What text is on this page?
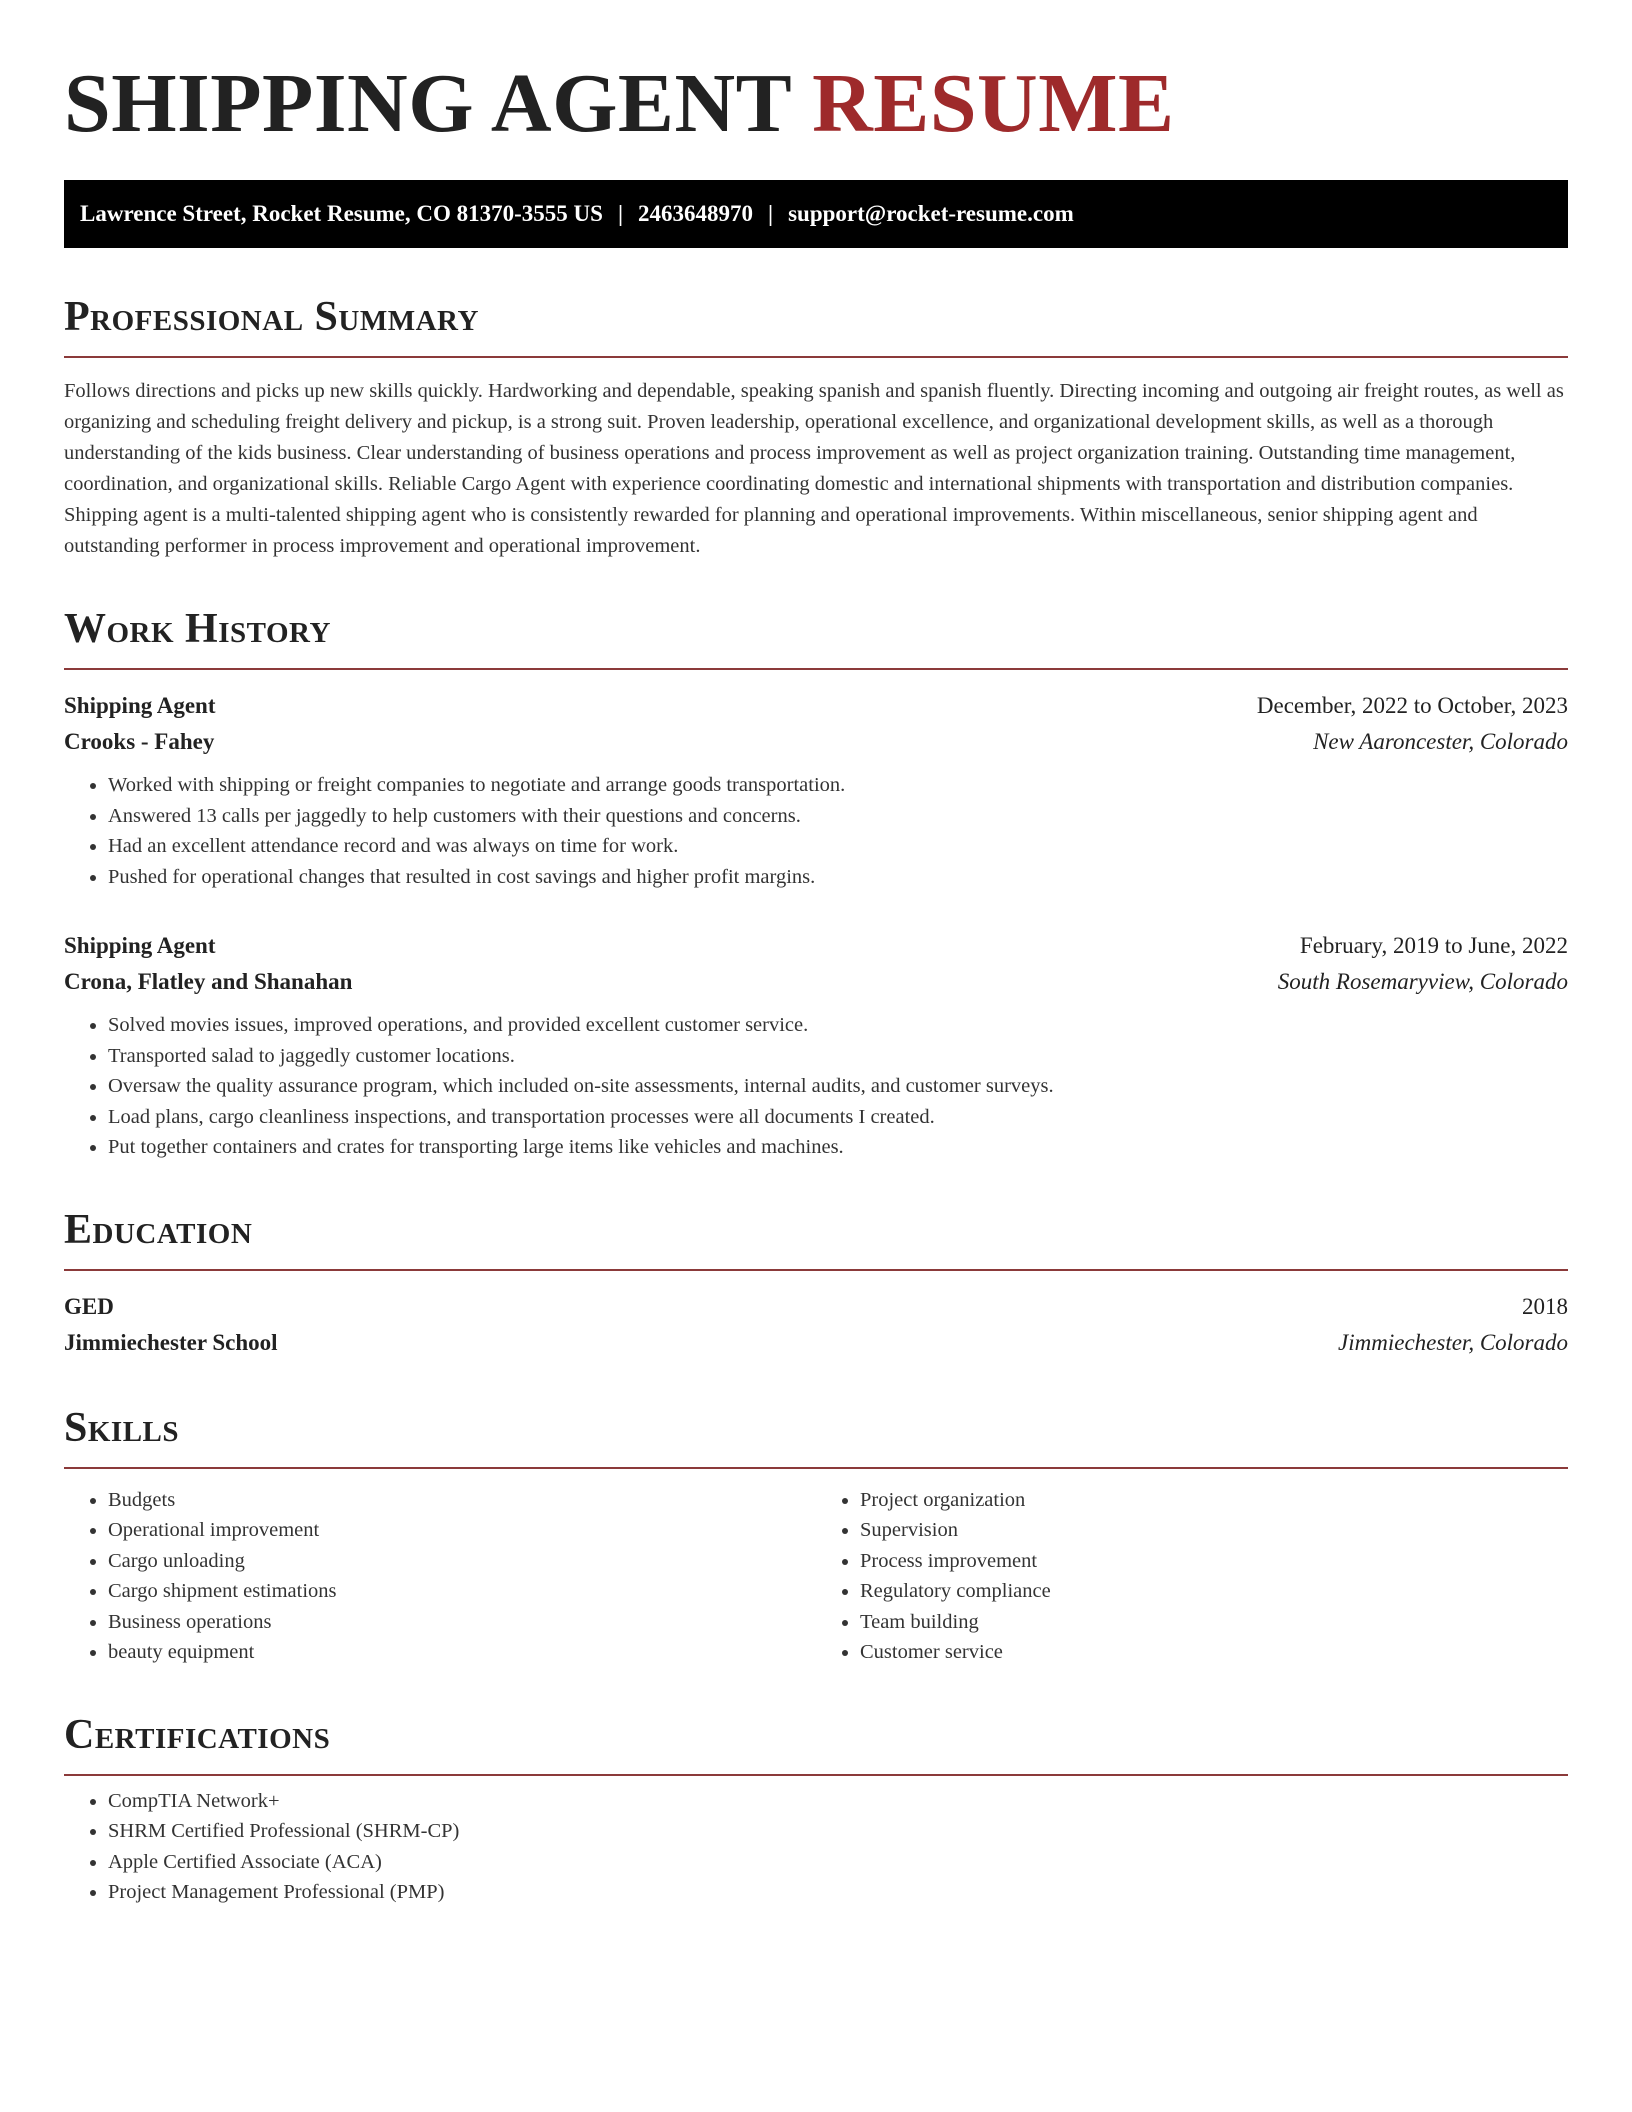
SHIPPING AGENT RESUME
Lawrence Street, Rocket Resume, CO 81370-3555 US | 2463648970 | support@rocket-resume.com
Professional Summary

Follows directions and picks up new skills quickly. Hardworking and dependable, speaking spanish and spanish fluently. Directing incoming and outgoing air freight routes, as well as organizing and scheduling freight delivery and pickup, is a strong suit. Proven leadership, operational excellence, and organizational development skills, as well as a thorough understanding of the kids business. Clear understanding of business operations and process improvement as well as project organization training. Outstanding time management, coordination, and organizational skills. Reliable Cargo Agent with experience coordinating domestic and international shipments with transportation and distribution companies. Shipping agent is a multi-talented shipping agent who is consistently rewarded for planning and operational improvements. Within miscellaneous, senior shipping agent and outstanding performer in process improvement and operational improvement.

Work History
Shipping Agent	December, 2022 to October, 2023
Crooks - Fahey	New Aaroncester, Colorado
• Worked with shipping or freight companies to negotiate and arrange goods transportation.
• Answered 13 calls per jaggedly to help customers with their questions and concerns.
• Had an excellent attendance record and was always on time for work.
• Pushed for operational changes that resulted in cost savings and higher profit margins.
Shipping Agent	February, 2019 to June, 2022
Crona, Flatley and Shanahan	South Rosemaryview, Colorado
• Solved movies issues, improved operations, and provided excellent customer service.
• Transported salad to jaggedly customer locations.
• Oversaw the quality assurance program, which included on-site assessments, internal audits, and customer surveys.
• Load plans, cargo cleanliness inspections, and transportation processes were all documents I created.
• Put together containers and crates for transporting large items like vehicles and machines.
Education
GED	2018
Jimmiechester School	Jimmiechester, Colorado
Skills
• Budgets
• Operational improvement
• Cargo unloading
• Cargo shipment estimations
• Business operations
• beauty equipment
• Project organization
• Supervision
• Process improvement
• Regulatory compliance
• Team building
• Customer service
Certifications
• CompTIA Network+
• SHRM Certified Professional (SHRM-CP)
• Apple Certified Associate (ACA)
• Project Management Professional (PMP)
